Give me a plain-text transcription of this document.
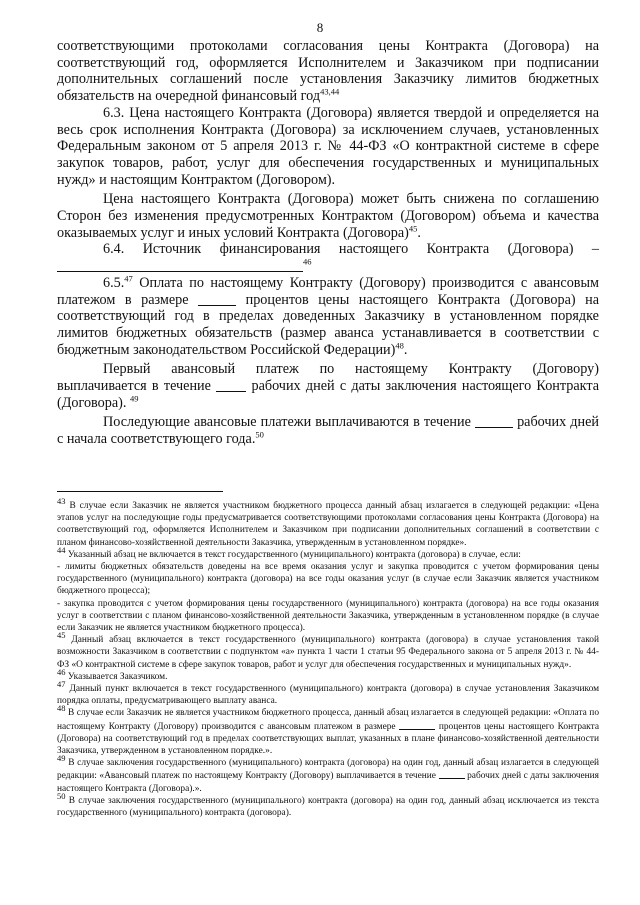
8

соответствующими протоколами согласования цены Контракта (Договора) на соответствующий год, оформляется Исполнителем и Заказчиком при подписании дополнительных соглашений после установления Заказчику лимитов бюджетных обязательств на очередной финансовый год$^{43,44}$

6.3. Цена настоящего Контракта (Договора) является твердой и определяется на весь срок исполнения Контракта (Договора) за исключением случаев, установленных Федеральным законом от 5 апреля 2013 г. № 44-ФЗ «О контрактной системе в сфере закупок товаров, работ, услуг для обеспечения государственных и муниципальных нужд» и настоящим Контрактом (Договором).

Цена настоящего Контракта (Договора) может быть снижена по соглашению Сторон без изменения предусмотренных Контрактом (Договором) объема и качества оказываемых услуг и иных условий Контракта (Договора)$^{45}$.

6.4. Источник финансирования настоящего Контракта (Договора) –

$^{46}$

6.5.47 Оплата по настоящему Контракту (Договору) производится с авансовым платежом в размере	процентов цены настоящего Контракта (Договора) на соответствующий год в пределах доведенных Заказчику в установленном порядке лимитов бюджетных обязательств (размер аванса устанавливается в соответствии с бюджетным законодательством Российской Федерации)$^{48}$.

Первый авансовый платеж по настоящему Контракту (Договору)

выплачивается в течение	рабочих дней с даты заключения настоящего Контракта (Договора). $^{49}$

Последующие авансовые платежи выплачиваются в течение	рабочих дней с начала соответствующего года.$^{50}$

$^{43}$ В случае если Заказчик не является участником бюджетного процесса данный абзац излагается в следующей редакции: «Цена этапов услуг на последующие годы предусматривается соответствующими протоколами согласования цены Контракта (Договора) на соответствующий год, оформляется Исполнителем и Заказчиком при подписании дополнительных соглашений в соответствии с планом финансово-хозяйственной деятельности Заказчика, утвержденным в установленном порядке».

$^{44}$ Указанный абзац не включается в текст государственного (муниципального) контракта (договора) в случае, если:

- лимиты бюджетных обязательств доведены на все время оказания услуг и закупка проводится с учетом формирования цены государственного (муниципального) контракта (договора) на все годы оказания услуг (в случае если Заказчик является участником бюджетного процесса);

- закупка проводится с учетом формирования цены государственного (муниципального) контракта (договора) на все годы оказания услуг в соответствии с планом финансово-хозяйственной деятельности Заказчика, утвержденным в установленном порядке (в случае если Заказчик не является участником бюджетного процесса).

$^{45}$ Данный абзац включается в текст государственного (муниципального) контракта (договора) в случае установления такой возможности Заказчиком в соответствии с подпунктом «а» пункта 1 части 1 статьи 95 Федерального закона от 5 апреля 2013 г. № 44-ФЗ «О контрактной системе в сфере закупок товаров, работ и услуг для обеспечения государственных и муниципальных нужд».

$^{46}$ Указывается Заказчиком.

$^{47}$ Данный пункт включается в текст государственного (муниципального) контракта (договора) в случае установления Заказчиком порядка оплаты, предусматривающего выплату аванса.

$^{48}$ В случае если Заказчик не является участником бюджетного процесса, данный абзац излагается в следующей редакции: «Оплата по настоящему Контракту (Договору) производится с авансовым платежом в размере	процентов цены настоящего Контракта (Договора) на соответствующий год в пределах соответствующих выплат, указанных в плане финансово-хозяйственной деятельности Заказчика, утвержденном в установленном порядке.».

$^{49}$ В случае заключения государственного (муниципального) контракта (договора) на один год, данный абзац излагается в следующей редакции: «Авансовый платеж по настоящему Контракту (Договору) выплачивается в течение	рабочих дней с даты заключения настоящего Контракта (Договора).».

$^{50}$ В случае заключения государственного (муниципального) контракта (договора) на один год, данный абзац исключается из текста государственного (муниципального) контракта (договора).
